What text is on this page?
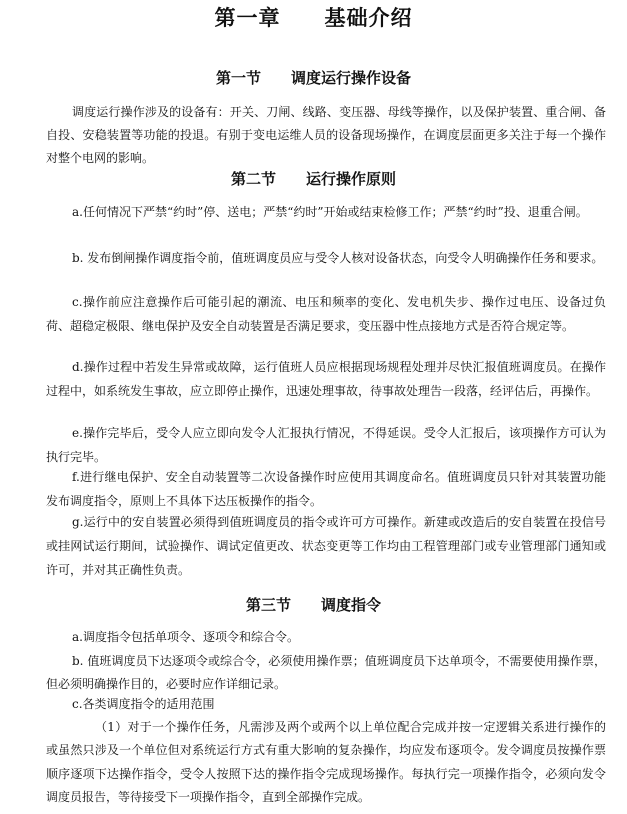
第一章　　基础介绍
第一节　　调度运行操作设备

调度运行操作涉及的设备有：开关、刀闸、线路、变压器、母线等操作，以及保护装置、重合闸、备自投、安稳装置等功能的投退。有别于变电运维人员的设备现场操作，在调度层面更多关注于每一个操作对整个电网的影响。

第二节　　运行操作原则

a.任何情况下严禁“约时”停、送电；严禁“约时”开始或结束检修工作；严禁“约时”投、退重合闸。

b. 发布倒闸操作调度指令前，值班调度员应与受令人核对设备状态，向受令人明确操作任务和要求。

c.操作前应注意操作后可能引起的潮流、电压和频率的变化、发电机失步、操作过电压、设备过负荷、超稳定极限、继电保护及安全自动装置是否满足要求，变压器中性点接地方式是否符合规定等。

d.操作过程中若发生异常或故障，运行值班人员应根据现场规程处理并尽快汇报值班调度员。在操作过程中，如系统发生事故，应立即停止操作，迅速处理事故，待事故处理告一段落，经评估后，再操作。

e.操作完毕后，受令人应立即向发令人汇报执行情况，不得延误。受令人汇报后，该项操作方可认为执行完毕。

f.进行继电保护、安全自动装置等二次设备操作时应使用其调度命名。值班调度员只针对其装置功能发布调度指令，原则上不具体下达压板操作的指令。

g.运行中的安自装置必须得到值班调度员的指令或许可方可操作。新建或改造后的安自装置在投信号或挂网试运行期间，试验操作、调试定值更改、状态变更等工作均由工程管理部门或专业管理部门通知或许可，并对其正确性负责。

第三节　　调度指令

a.调度指令包括单项令、逐项令和综合令。

b. 值班调度员下达逐项令或综合令，必须使用操作票；值班调度员下达单项令，不需要使用操作票，但必须明确操作目的，必要时应作详细记录。

c.各类调度指令的适用范围

（1）对于一个操作任务，凡需涉及两个或两个以上单位配合完成并按一定逻辑关系进行操作的或虽然只涉及一个单位但对系统运行方式有重大影响的复杂操作，均应发布逐项令。发令调度员按操作票顺序逐项下达操作指令，受令人按照下达的操作指令完成现场操作。每执行完一项操作指令，必须向发令调度员报告，等待接受下一项操作指令，直到全部操作完成。
